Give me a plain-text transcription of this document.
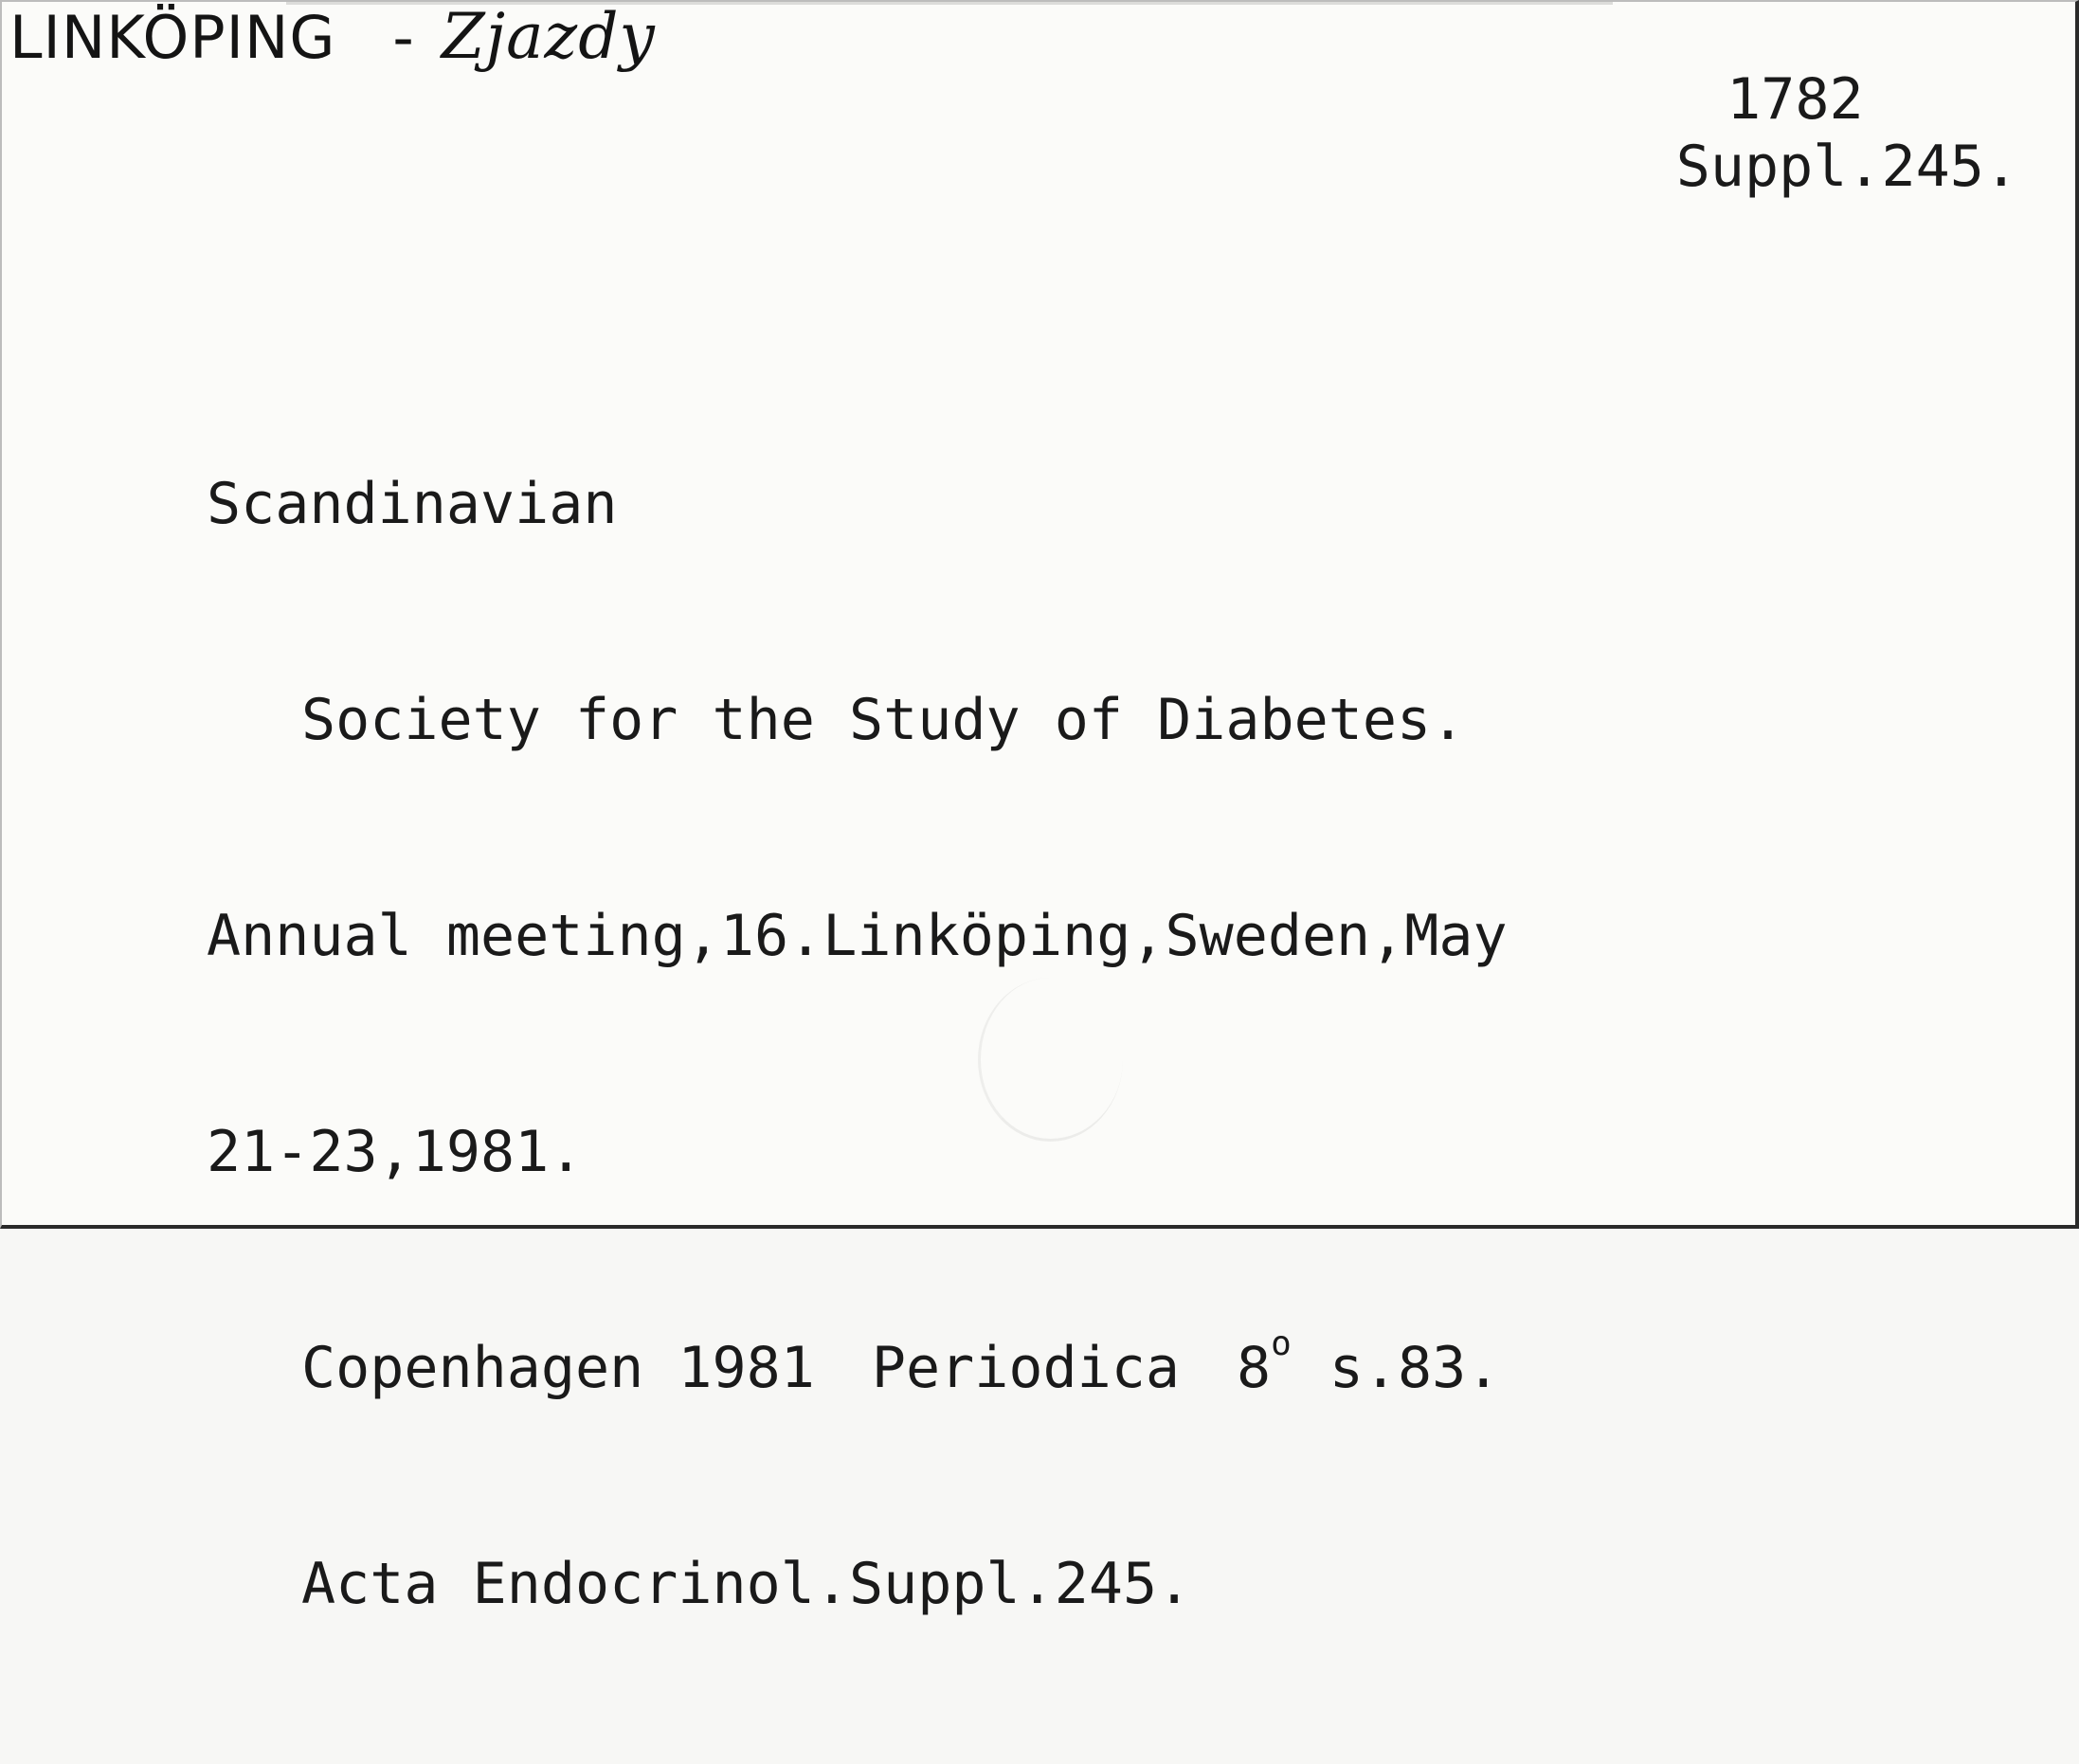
LINKÖPING - Zjazdy
1782
Suppl.245.

Scandinavian

Society for the Study of Diabetes.

Annual meeting,16.Linköping,Sweden,May

21-23,1981.

Copenhagen 1981 Periodica 8$^o$ s.83.

Acta Endocrinol.Suppl.245.
